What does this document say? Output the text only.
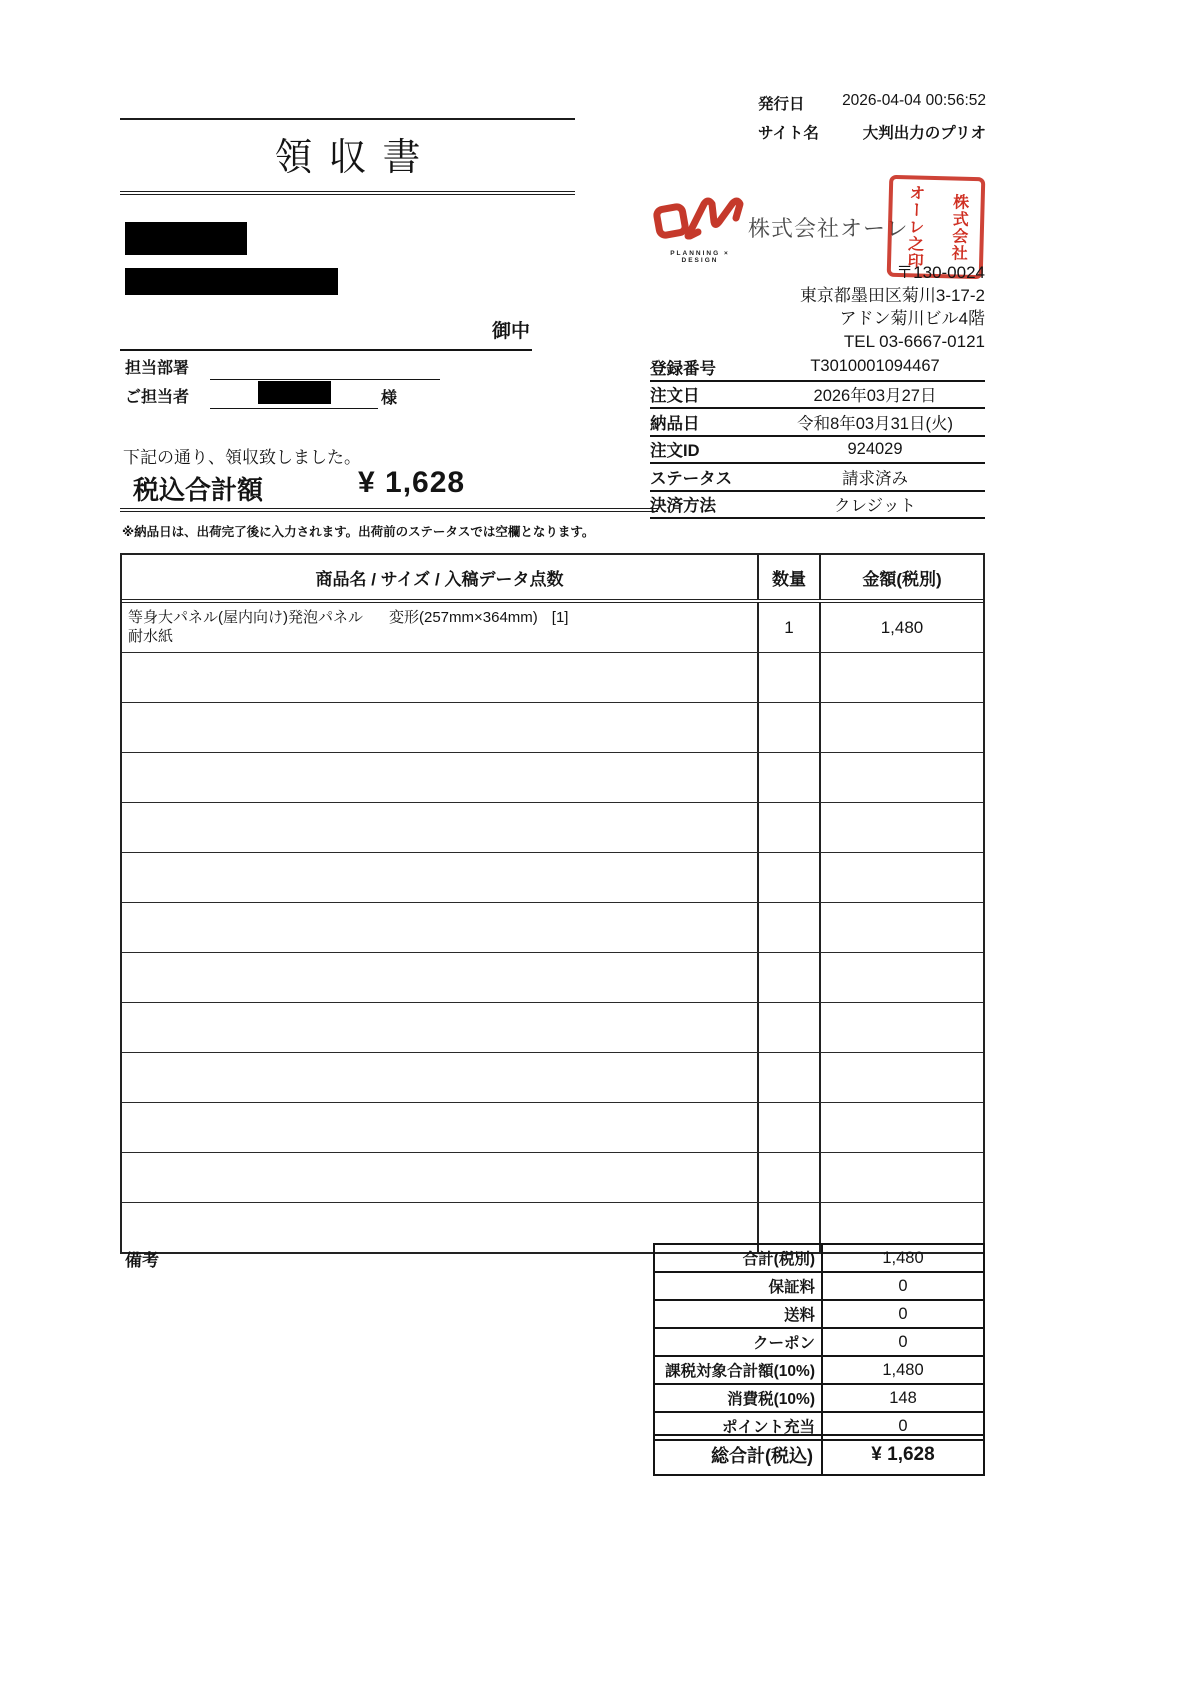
発行日 2026-04-04 00:56:52
サイト名	大判出力のプリオ
領収書
御中
担当部署
ご担当者	様
下記の通り、領収致しました。
税込合計額	¥ 1,628
※納品日は、出荷完了後に入力されます。出荷前のステータスでは空欄となります。
PLANNING × DESIGN
株式会社オーレ	株式会社
オーレ之印
〒130-0024
東京都墨田区菊川3-17-2
アドン菊川ビル4階
TEL 03-6667-0121
登録番号	T3010001094467
注文日	2026年03月27日
納品日	令和8年03月31日(火)
注文ID	924029
ステータス	請求済み
決済方法	クレジット
商品名 / サイズ / 入稿データ点数	数量	金額(税別)
等身大パネル(屋内向け)発泡パネル 変形(257mm×364mm) [1]
耐水紙	1	1,480
備考	合計(税別)	1,480
保証料	0
送料	0
クーポン	0
課税対象合計額(10%)	1,480
消費税(10%)	148
ポイント充当	0
総合計(税込)	¥ 1,628
